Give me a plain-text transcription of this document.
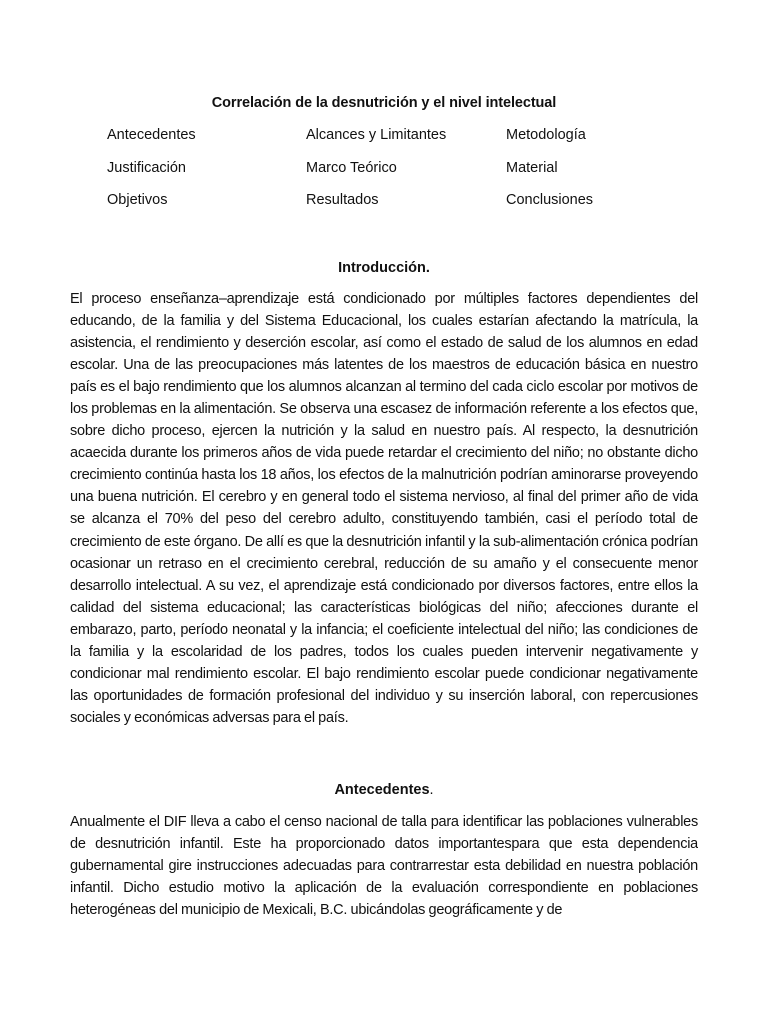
Correlación de la desnutrición y el nivel intelectual
Antecedentes	Alcances y Limitantes	Metodología
Justificación	Marco Teórico	Material
Objetivos	Resultados	Conclusiones
Introducción.

El proceso enseñanza–aprendizaje está condicionado por múltiples factores dependientes del educando, de la familia y del Sistema Educacional, los cuales estarían afectando la matrícula, la asistencia, el rendimiento y deserción escolar, así como el estado de salud de los alumnos en edad escolar. Una de las preocupaciones más latentes de los maestros de educación básica en nuestro país es el bajo rendimiento que los alumnos alcanzan al termino del cada ciclo escolar por motivos de los problemas en la alimentación. Se observa una escasez de información referente a los efectos que, sobre dicho proceso, ejercen la nutrición y la salud en nuestro país. Al respecto, la desnutrición acaecida durante los primeros años de vida puede retardar el crecimiento del niño; no obstante dicho crecimiento continúa hasta los 18 años, los efectos de la malnutrición podrían aminorarse proveyendo una buena nutrición. El cerebro y en general todo el sistema nervioso, al final del primer año de vida se alcanza el 70% del peso del cerebro adulto, constituyendo también, casi el período total de crecimiento de este órgano. De allí es que la desnutrición infantil y la sub-alimentación crónica podrían ocasionar un retraso en el crecimiento cerebral, reducción de su amaño y el consecuente menor desarrollo intelectual. A su vez, el aprendizaje está condicionado por diversos factores, entre ellos la calidad del sistema educacional; las características biológicas del niño; afecciones durante el embarazo, parto, período neonatal y la infancia; el coeficiente intelectual del niño; las condiciones de la familia y la escolaridad de los padres, todos los cuales pueden intervenir negativamente y condicionar mal rendimiento escolar. El bajo rendimiento escolar puede condicionar negativamente las oportunidades de formación profesional del individuo y su inserción laboral, con repercusiones sociales y económicas adversas para el país.

Antecedentes.

Anualmente el DIF lleva a cabo el censo nacional de talla para identificar las poblaciones vulnerables de desnutrición infantil. Este ha proporcionado datos importantespara que esta dependencia gubernamental gire instrucciones adecuadas para contrarrestar esta debilidad en nuestra población infantil. Dicho estudio motivo la aplicación de la evaluación correspondiente en poblaciones heterogéneas del municipio de Mexicali, B.C. ubicándolas geográficamente y de
